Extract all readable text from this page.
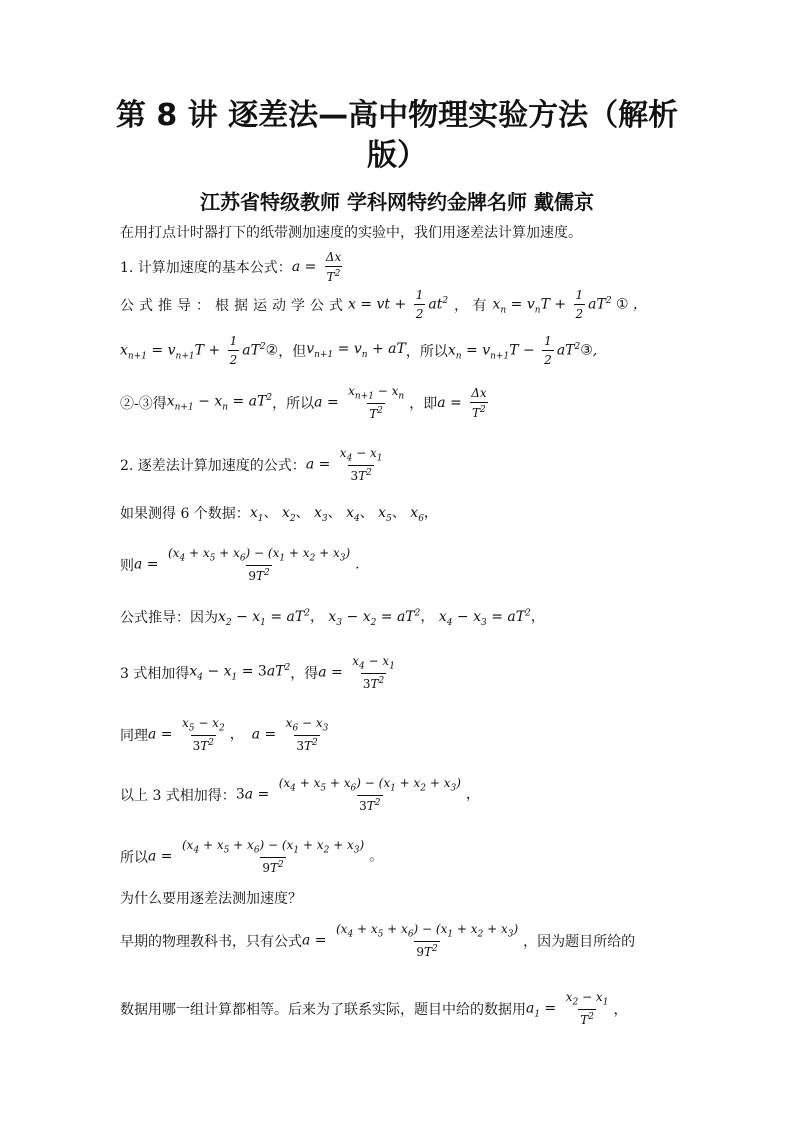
第 8 讲 逐差法—高中物理实验方法（解析
版）
江苏省特级教师 学科网特约金牌名师 戴儒京
在用打点计时器打下的纸带测加速度的实验中，我们用逐差法计算加速度。
1. 计算加速度的基本公式： $a = \frac{\Delta x}{T^2}$
公式推导：根据运动学公式 x = vt + $\frac{1}{2} at^2$ ， 有 $x_n = v_nT + \frac{1}{2} aT^2$ ① ，
$x_{n+1} = v_{n+1}T + \frac{1}{2}$ $aT^2②$ ，但 $v_{n+1} = v_n$ + aT ，所以 $x_n = v_{n+1}T - \frac{1}{2}$ $aT^2③$,
②-③得 $x_{n+1} - x_n = aT^2$ ，所以 $a = \frac{x_{n+1} - x_n}{T^2}$ ，即 $a = \frac{\Delta x}{T^2}$
2. 逐差法计算加速度的公式： $a = \frac{x_4 - x_1}{3T^2}$
如果测得 6 个数据： $x_1$、 $x_2$、 $x_3$、 $x_4$、 $x_5$、 $x_6$，
则 $a = \frac{(x_4 + x_5 + x_6) - (x_1 + x_2 + x_3)}{9T^2}$ .
公式推导：因为 $x_2 - x_1 = aT^2$， $x_3 - x_2 = aT^2$， $x_4 - x_3 = aT^2$，
3 式相加得 $x_4 - x_1 = 3aT^2$ ，得 $a = \frac{x_4 - x_1}{3T^2}$
同理 $a = \frac{x_5 - x_2}{3T^2}$ ， $a = \frac{x_6 - x_3}{3T^2}$
以上 3 式相加得： $3a = \frac{(x_4 + x_5 + x_6) - (x_1 + x_2 + x_3)}{3T^2}$ ，
所以 $a = \frac{(x_4 + x_5 + x_6) - (x_1 + x_2 + x_3)}{9T^2}$ 。
为什么要用逐差法测加速度？
早期的物理教科书，只有公式 $a = \frac{(x_4 + x_5 + x_6) - (x_1 + x_2 + x_3)}{9T^2}$ ，因为题目所给的
数据用哪一组计算都相等。后来为了联系实际，题目中给的数据用 $a_1 = \frac{x_2 - x_1}{T^2}$ ，
